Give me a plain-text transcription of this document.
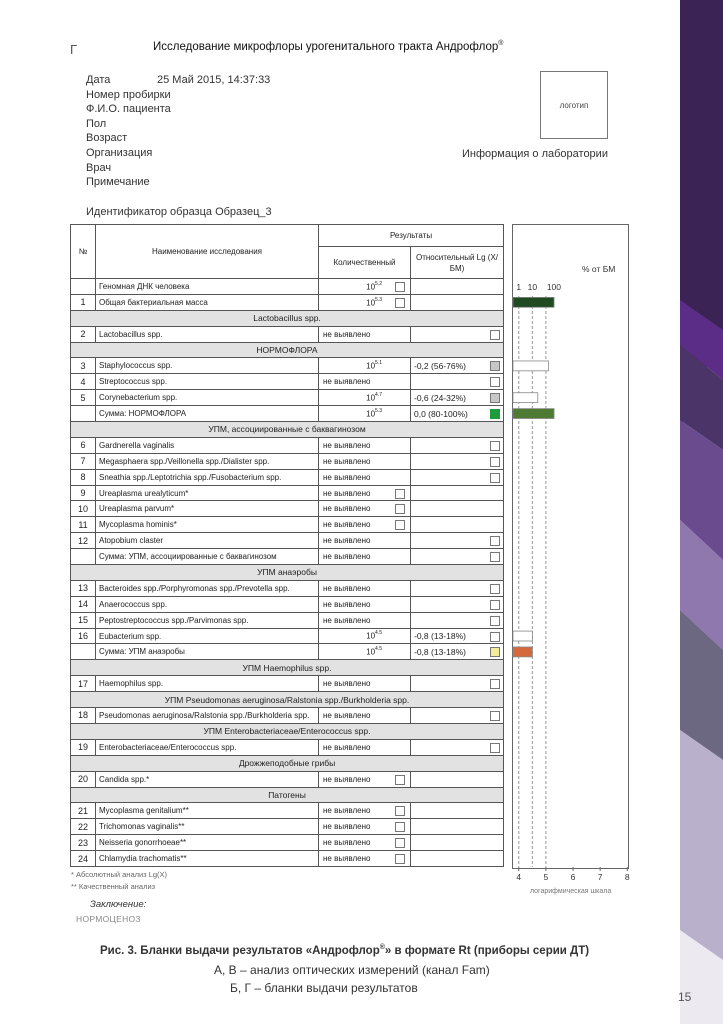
Г	Исследование микрофлоры урогенитального тракта Андрофлор®
Дата	25 Май 2015, 14:37:33
Номер пробирки
Ф.И.О. пациента
Пол
Возраст
Организация
Врач
Примечание
логотип
Информация о лаборатории
Идентификатор образца Образец_3
№	Наименование исследования	Результаты	
		Количественный	Относительный Lg (X/БМ)
	Геномная ДНК человека	$10^{5.2}$

1	Общая бактериальная масса	$10^{5.3}$

Lactobacillus spp.			
2	Lactobacillus spp.	не выявлено	

НОРМОФЛОРА			
3	Staphylococcus spp.	$10^{5.1}$	-0,2 (56-76%)

4	Streptococcus spp.	не выявлено	

5	Corynebacterium spp.	$10^{4.7}$	-0,6 (24-32%)

	Сумма: НОРМОФЛОРА	$10^{5.3}$	0,0 (80-100%)

УПМ, ассоциированные с баквагинозом			
6	Gardnerella vaginalis	не выявлено	

7	Megasphaera spp./Veillonella spp./Dialister spp.	не выявлено	

8	Sneathia spp./Leptotrichia spp./Fusobacterium spp.	не выявлено	

9	Ureaplasma urealyticum*	не выявлено

10	Ureaplasma parvum*	не выявлено

11	Mycoplasma hominis*	не выявлено

12	Atopobium claster	не выявлено	

	Сумма: УПМ, ассоциированные с баквагинозом	не выявлено	

УПМ анаэробы			
13	Bacteroides spp./Porphyromonas spp./Prevotella spp.	не выявлено	

14	Anaerococcus spp.	не выявлено	

15	Peptostreptococcus spp./Parvimonas spp.	не выявлено	

16	Eubacterium spp.	$10^{4.5}$	-0,8 (13-18%)

	Сумма: УПМ анаэробы	$10^{4.5}$	-0,8 (13-18%)

УПМ Haemophilus spp.			
17	Haemophilus spp.	не выявлено	

УПМ Pseudomonas aeruginosa/Ralstonia spp./Burkholderia spp.			
18	Pseudomonas aeruginosa/Ralstonia spp./Burkholderia spp.	не выявлено	

УПМ Enterobacteriaceae/Enterococcus spp.			
19	Enterobacteriaceae/Enterococcus spp.	не выявлено	

Дрожжеподобные грибы			
20	Candida spp.*	не выявлено

Патогены			
21	Mycoplasma genitalium**	не выявлено

22	Trichomonas vaginalis**	не выявлено

23	Neisseria gonorrhoeae**	не выявлено

24	Chlamydia trachomatis**	не выявлено

% от БМ
1 10 100
4	5	6	7	8
логарифмическая шкала
* Абсолютный анализ Lg(X)
** Качественный анализ
Заключение:
НОРМОЦЕНОЗ
Рис. 3. Бланки выдачи результатов «Андрофлор®» в формате Rt (приборы серии ДТ)
А, В – анализ оптических измерений (канал Fam)
Б, Г – бланки выдачи результатов
15
